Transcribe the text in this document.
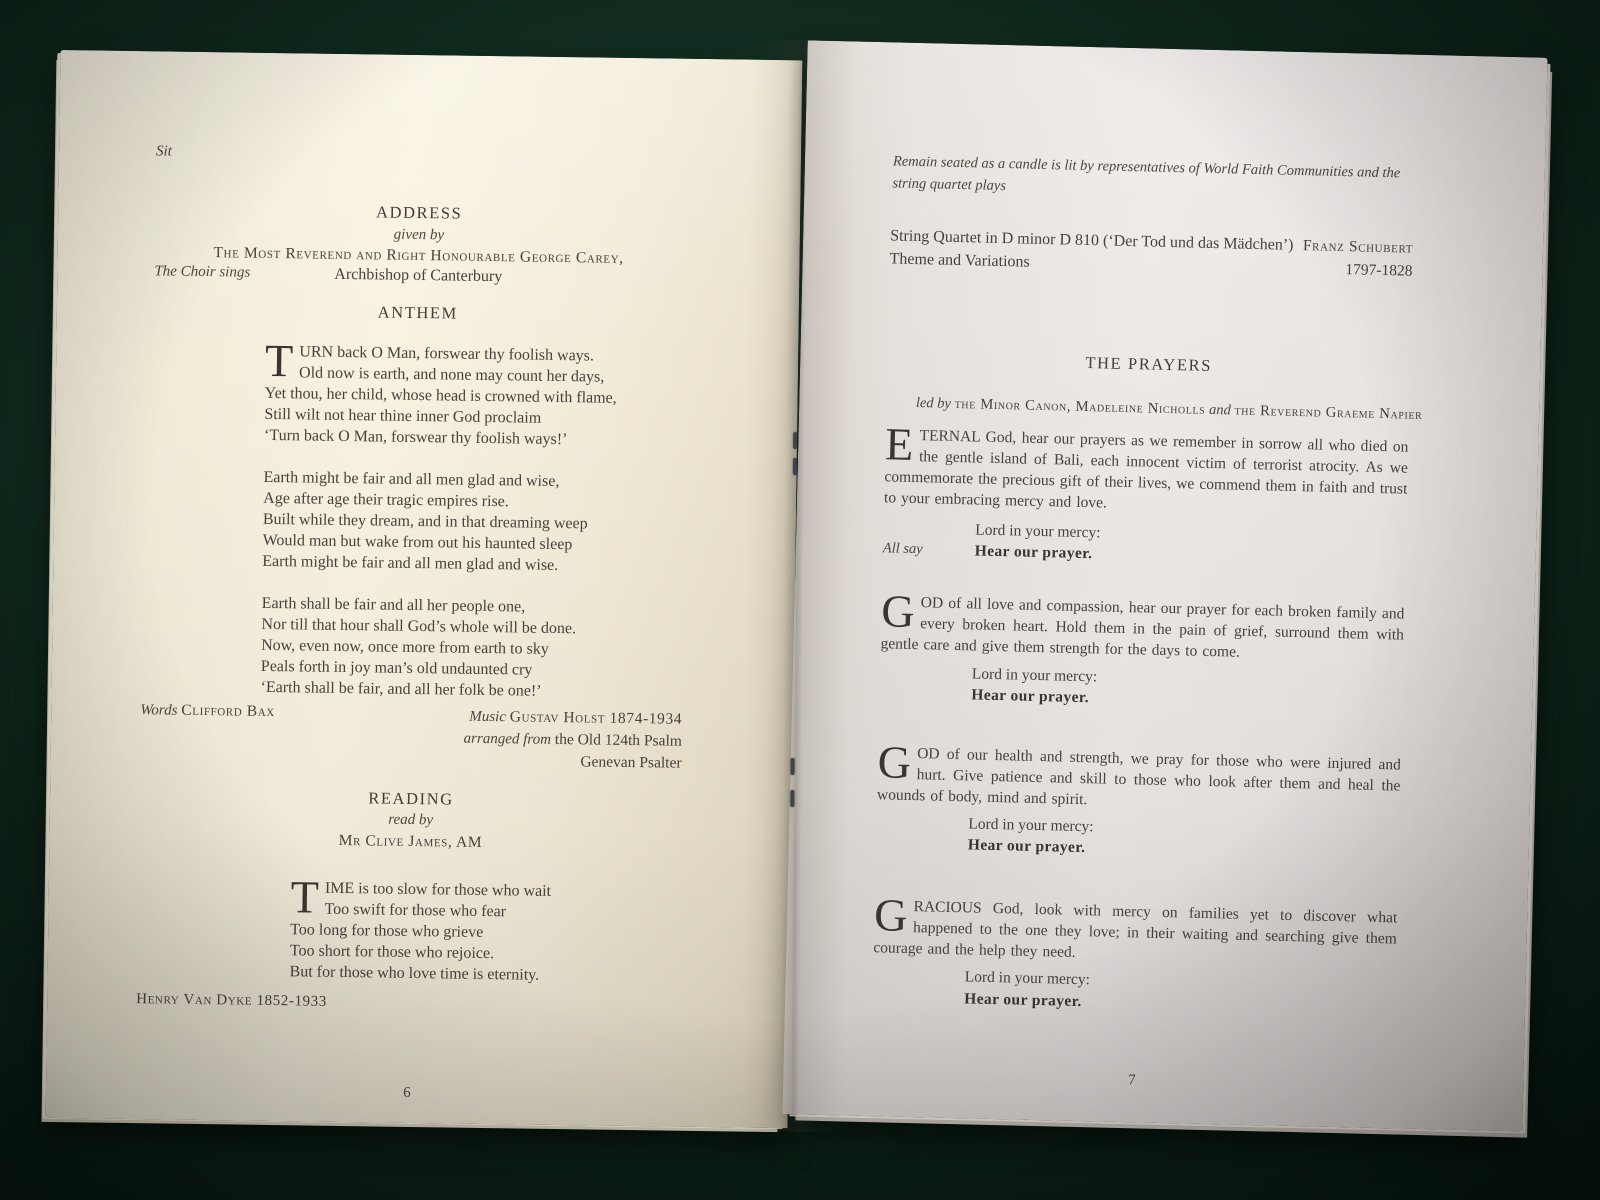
Sit
ADDRESS
given by
The Most Reverend and Right Honourable George Carey,
Archbishop of Canterbury
The Choir sings
ANTHEM
T URN back O Man, forswear thy foolish ways.
Old now is earth, and none may count her days,
Yet thou, her child, whose head is crowned with flame,
Still wilt not hear thine inner God proclaim
‘Turn back O Man, forswear thy foolish ways!’
Earth might be fair and all men glad and wise,
Age after age their tragic empires rise.
Built while they dream, and in that dreaming weep
Would man but wake from out his haunted sleep
Earth might be fair and all men glad and wise.
Earth shall be fair and all her people one,
Nor till that hour shall God’s whole will be done.
Now, even now, once more from earth to sky
Peals forth in joy man’s old undaunted cry
‘Earth shall be fair, and all her folk be one!’
Words Clifford Bax	Music Gustav Holst 1874-1934
arranged from the Old 124th Psalm
Genevan Psalter
READING
read by
Mr Clive James, AM
T IME is too slow for those who wait
Too swift for those who fear
Too long for those who grieve
Too short for those who rejoice.
But for those who love time is eternity.
Henry Van Dyke 1852-1933
6
Remain seated as a candle is lit by representatives of World Faith Communities and the string quartet plays
String Quartet in D minor D 810 (‘Der Tod und das Mädchen’)
Theme and Variations
Franz Schubert
1797-1828
THE PRAYERS
led by the Minor Canon, Madeleine Nicholls and the Reverend Graeme Napier

ETERNAL God, hear our prayers as we remember in sorrow all who died on the gentle island of Bali, each innocent victim of terrorist atrocity. As we commemorate the precious gift of their lives, we commend them in faith and trust to your embracing mercy and love.

Lord in your mercy:
All say	Hear our prayer.

GOD of all love and compassion, hear our prayer for each broken family and every broken heart. Hold them in the pain of grief, surround them with gentle care and give them strength for the days to come.

Lord in your mercy:
Hear our prayer.

GOD of our health and strength, we pray for those who were injured and hurt. Give patience and skill to those who look after them and heal the wounds of body, mind and spirit.

Lord in your mercy:
Hear our prayer.

GRACIOUS God, look with mercy on families yet to discover what happened to the one they love; in their waiting and searching give them courage and the help they need.

Lord in your mercy:
Hear our prayer.
7
